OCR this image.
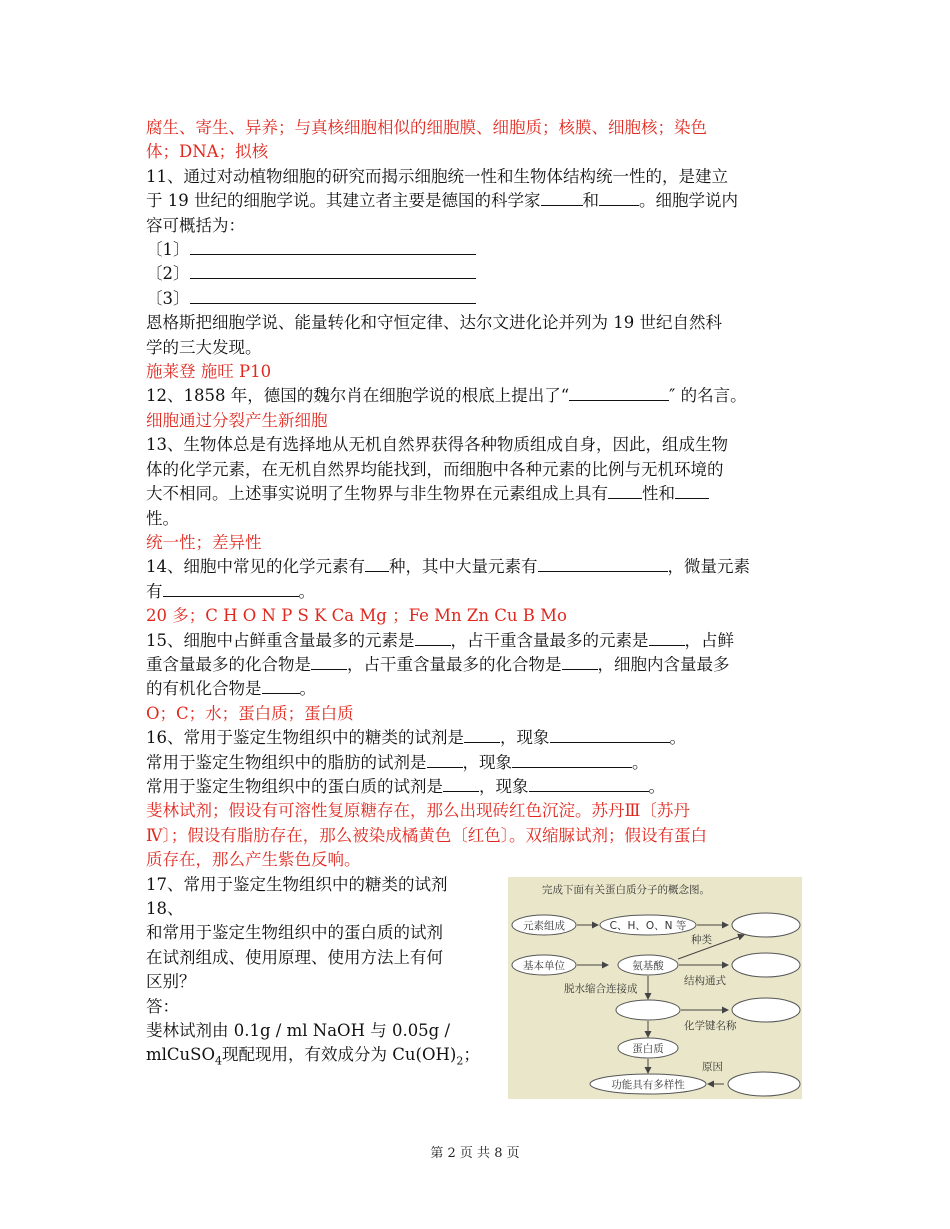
腐生、寄生、异养；与真核细胞相似的细胞膜、细胞质；核膜、细胞核；染色
体；DNA；拟核
11、通过对动植物细胞的研究而揭示细胞统一性和生物体结构统一性的，是建立
于 19 世纪的细胞学说。其建立者主要是德国的科学家	和 。细胞学说内
容可概括为：
〔1〕
〔2〕
〔3〕
恩格斯把细胞学说、能量转化和守恒定律、达尔文进化论并列为 19 世纪自然科
学的三大发现。
施莱登 施旺 P10
12、1858 年，德国的魏尔肖在细胞学说的根底上提出了“	″ 的名言。
细胞通过分裂产生新细胞
13、生物体总是有选择地从无机自然界获得各种物质组成自身，因此，组成生物
体的化学元素，在无机自然界均能找到，而细胞中各种元素的比例与无机环境的
大不相同。上述事实说明了生物界与非生物界在元素组成上具有 性和
性。
统一性；差异性
14、细胞中常见的化学元素有 种，其中大量元素有	，微量元素
有	。
20 多；C H O N P S K Ca Mg ；Fe Mn Zn Cu B Mo
15、细胞中占鲜重含量最多的元素是 ，占干重含量最多的元素是 ，占鲜
重含量最多的化合物是 ，占干重含量最多的化合物是 ，细胞内含量最多
的有机化合物是 。
O；C；水；蛋白质；蛋白质
16、常用于鉴定生物组织中的糖类的试剂是 ，现象	。
常用于鉴定生物组织中的脂肪的试剂是 ，现象	。
常用于鉴定生物组织中的蛋白质的试剂是 ，现象	。
斐林试剂；假设有可溶性复原糖存在，那么出现砖红色沉淀。苏丹Ⅲ〔苏丹
Ⅳ〕；假设有脂肪存在，那么被染成橘黄色〔红色〕。双缩脲试剂；假设有蛋白
质存在，那么产生紫色反响。
17、常用于鉴定生物组织中的糖类的试剂
18、
和常用于鉴定生物组织中的蛋白质的试剂
在试剂组成、使用原理、使用方法上有何
区别？
答：
斐林试剂由 0.1g / ml NaOH 与 0.05g /
mlCuSO$_4$现配现用，有效成分为 $Cu(OH)_2$；
完成下面有关蛋白质分子的概念图。
元素组成	C、H、O、N 等
种类
基本单位	氨基酸
结构通式
脱水缩合连接成
化学键名称
蛋白质
原因
功能具有多样性
第 2 页 共 8 页
